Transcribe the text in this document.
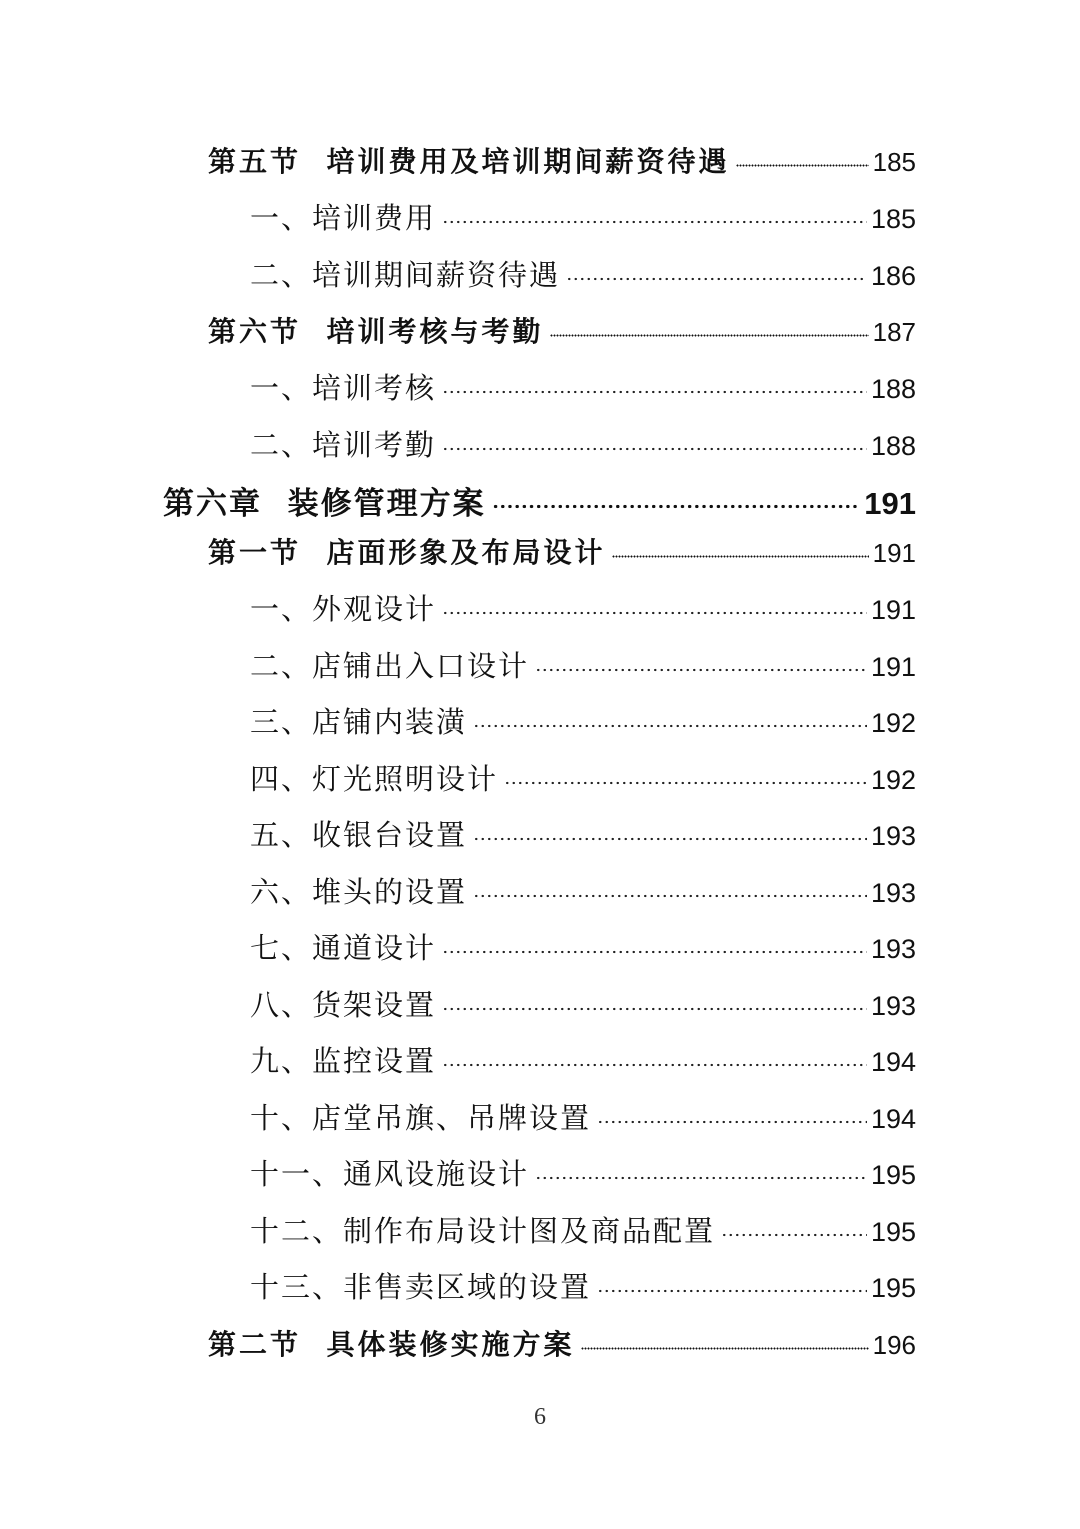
第五节  培训费用及培训期间薪资待遇	185
一、培训费用	185
二、培训期间薪资待遇	186
第六节  培训考核与考勤	187
一、培训考核	188
二、培训考勤	188
第六章  装修管理方案	191
第一节  店面形象及布局设计	191
一、外观设计	191
二、店铺出入口设计	191
三、店铺内装潢	192
四、灯光照明设计	192
五、收银台设置	193
六、堆头的设置	193
七、通道设计	193
八、货架设置	193
九、监控设置	194
十、店堂吊旗、吊牌设置	194
十一、通风设施设计	195
十二、制作布局设计图及商品配置	195
十三、非售卖区域的设置	195
第二节  具体装修实施方案	196
6
